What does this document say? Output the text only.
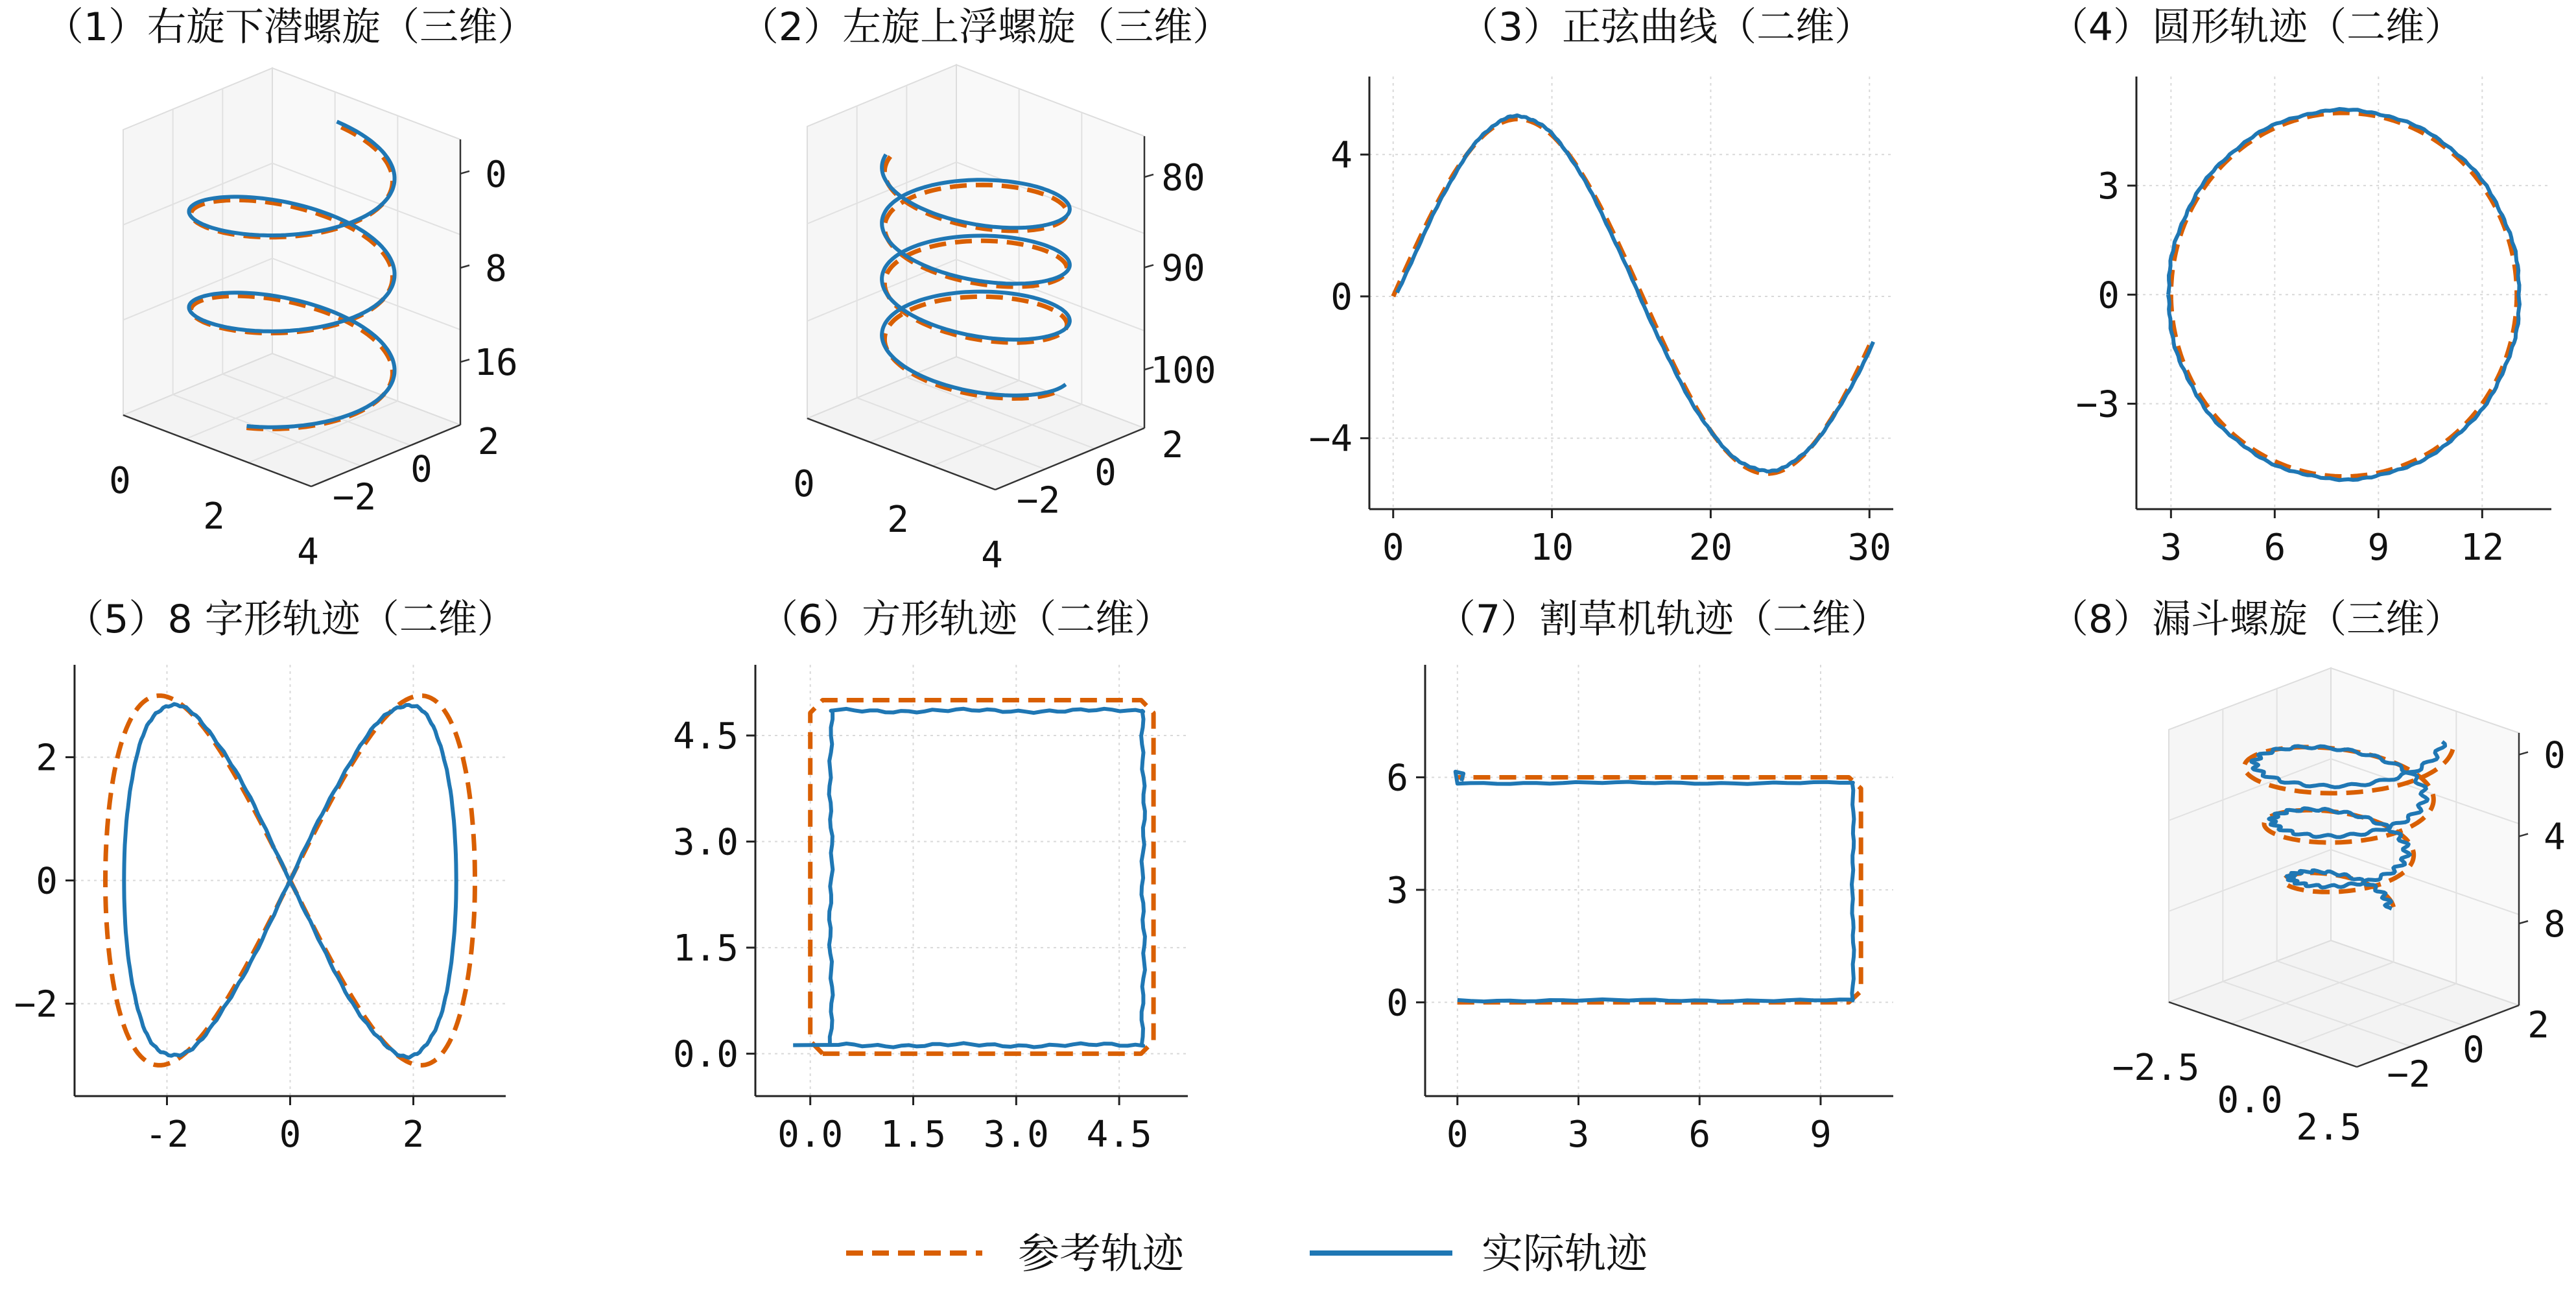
（3）正弦曲线（二维）
0	10	20	30
4
0
−4
（4）圆形轨迹（二维）
3 6 9 12
3
0
−3
（5）8 字形轨迹（二维）
-2 0	2
2
0
−2
（6）方形轨迹（二维）
0.0 1.5 3.0 4.5
4.5
3.0
1.5
0.0
（7）割草机轨迹（二维）
0	3	6	9
6
3
0
（1）右旋下潜螺旋（三维）
0
2
4
−2
0
2
0
8
16
（2）左旋上浮螺旋（三维）
0
2
4
−2
0
2
80
90
100
（8）漏斗螺旋（三维）
−2.5
0.0
2.5
−2
0
2
0
4
8
参考轨迹	实际轨迹
